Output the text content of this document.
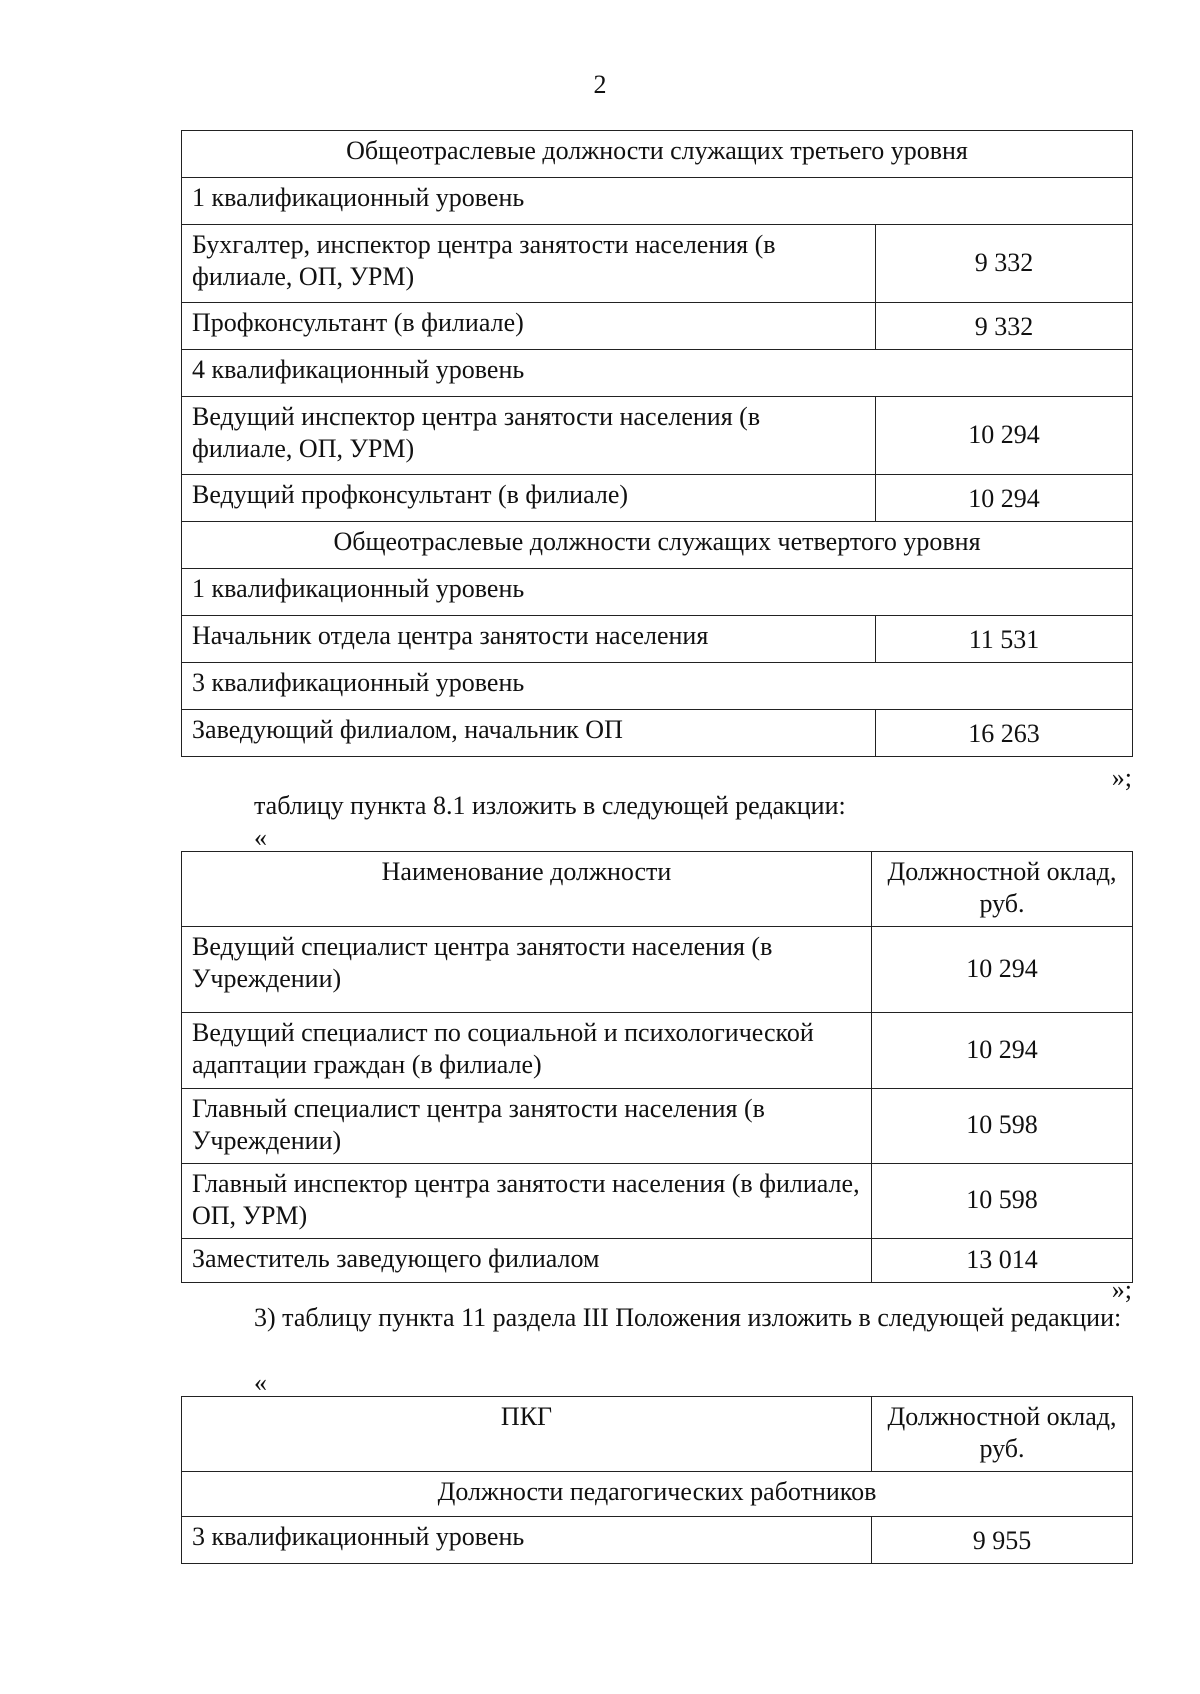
2
Общеотраслевые должности служащих третьего уровня	
1 квалификационный уровень	
Бухгалтер, инспектор центра занятости населения (в филиале, ОП, УРМ)	9 332
Профконсультант (в филиале)	9 332
4 квалификационный уровень	
Ведущий инспектор центра занятости населения (в филиале, ОП, УРМ)	10 294
Ведущий профконсультант (в филиале)	10 294
Общеотраслевые должности служащих четвертого уровня	
1 квалификационный уровень	
Начальник отдела центра занятости населения	11 531
3 квалификационный уровень	
Заведующий филиалом, начальник ОП	16 263
»;
таблицу пункта 8.1 изложить в следующей редакции:
«
Наименование должности	Должностной оклад, руб.
Ведущий специалист центра занятости населения (в Учреждении)	10 294
Ведущий специалист по социальной и психологической адаптации граждан (в филиале)	10 294
Главный специалист центра занятости населения (в Учреждении)	10 598
Главный инспектор центра занятости населения (в филиале, ОП, УРМ)	10 598
Заместитель заведующего филиалом	13 014
»;
3) таблицу пункта 11 раздела III Положения изложить в следующей редакции:
«
ПКГ	Должностной оклад, руб.
Должности педагогических работников	
3 квалификационный уровень	9 955
